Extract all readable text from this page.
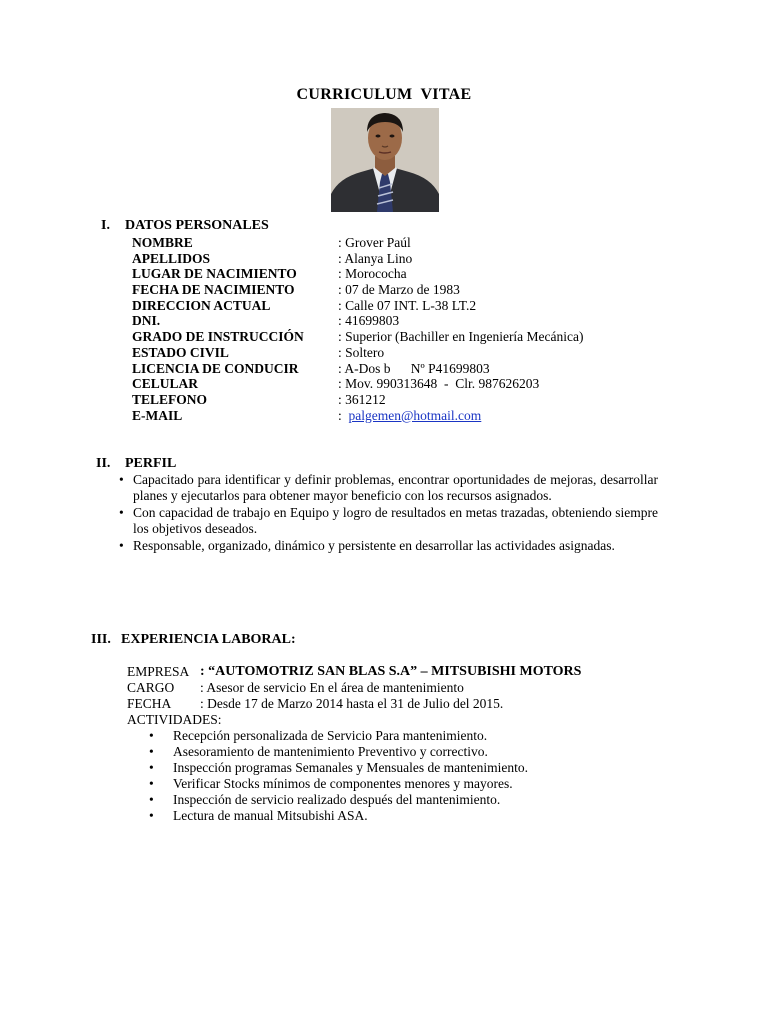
CURRICULUM VITAE
I. DATOS PERSONALES
NOMBRE	: Grover Paúl
APELLIDOS	: Alanya Lino
LUGAR DE NACIMIENTO	: Morococha
FECHA DE NACIMIENTO	: 07 de Marzo de 1983
DIRECCION ACTUAL	: Calle 07 INT. L-38 LT.2
DNI.	: 41699803
GRADO DE INSTRUCCIÓN	: Superior (Bachiller en Ingeniería Mecánica)
ESTADO CIVIL	: Soltero
LICENCIA DE CONDUCIR	: A-Dos b      Nº P41699803
CELULAR	: Mov. 990313648  -  Clr. 987626203
TELEFONO	: 361212
E-MAIL	:  palgemen@hotmail.com
II. PERFIL
• Capacitado para identificar y definir problemas, encontrar oportunidades de mejoras, desarrollar planes y ejecutarlos para obtener mayor beneficio con los recursos asignados.
• Con capacidad de trabajo en Equipo y logro de resultados en metas trazadas, obteniendo siempre los objetivos deseados.
• Responsable, organizado, dinámico y persistente en desarrollar las actividades asignadas.
III. EXPERIENCIA LABORAL:
EMPRESA : “AUTOMOTRIZ SAN BLAS S.A” – MITSUBISHI MOTORS
CARGO : Asesor de servicio En el área de mantenimiento
FECHA : Desde 17 de Marzo 2014 hasta el 31 de Julio del 2015.
ACTIVIDADES:
• Recepción personalizada de Servicio Para mantenimiento.
• Asesoramiento de mantenimiento Preventivo y correctivo.
• Inspección programas Semanales y Mensuales de mantenimiento.
• Verificar Stocks mínimos de componentes menores y mayores.
• Inspección de servicio realizado después del mantenimiento.
• Lectura de manual Mitsubishi ASA.
